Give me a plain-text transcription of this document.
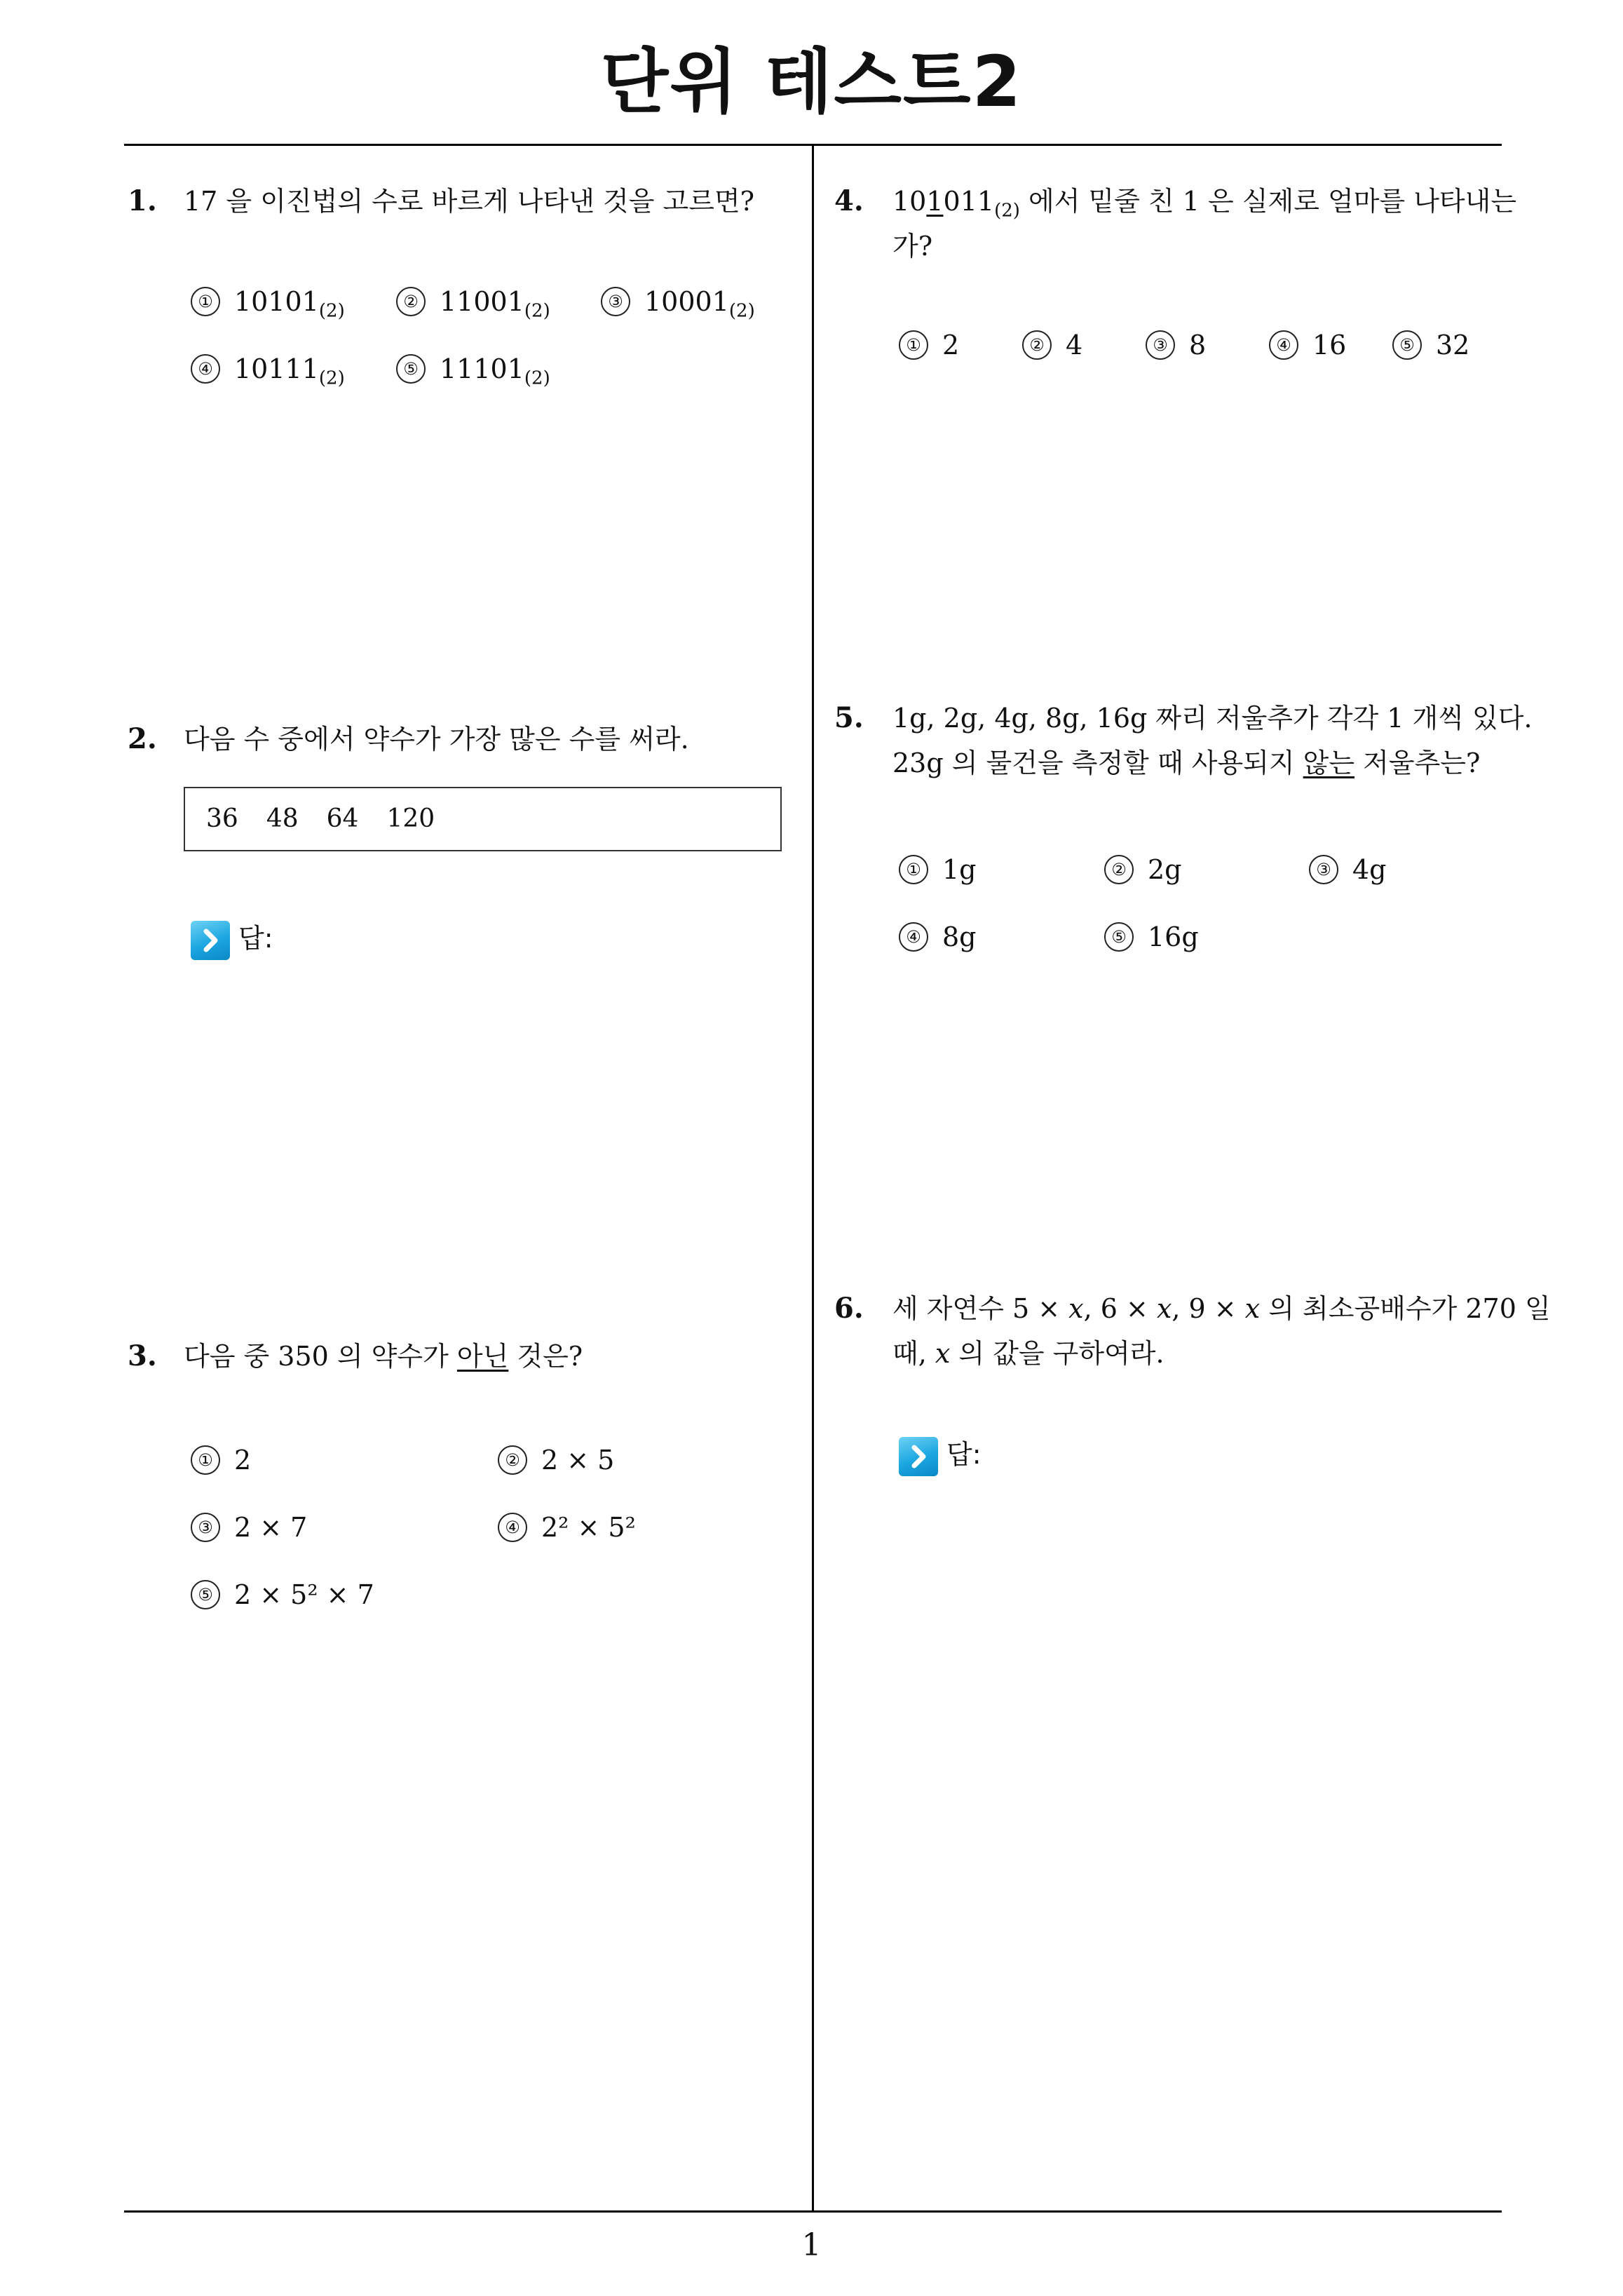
단위 테스트2
1
1. 17 을 이진법의 수로 바르게 나타낸 것을 고르면?
① $10101_{(2)}$	② $11001_{(2)}$	③ $10001_{(2)}$
④ $10111_{(2)}$	⑤ $11101_{(2)}$
2. 다음 수 중에서 약수가 가장 많은 수를 써라.
36 48 64 120
답:
3. 다음 중 350 의 약수가 아닌 것은?
① 2	② 2 × 5
③ 2 × 7	④ 2² × 5²
⑤ 2 × 5² × 7
4. $101011_{(2)}$ 에서 밑줄 친 1 은 실제로 얼마를 나타내는
가?
① 2	② 4	③ 8	④ 16	⑤ 32
5. 1g, 2g, 4g, 8g, 16g 짜리 저울추가 각각 1 개씩 있다.
23g 의 물건을 측정할 때 사용되지 않는 저울추는?
① 1g	② 2g	③ 4g
④ 8g	⑤ 16g
6. 세 자연수 5 × x, 6 × x, 9 × x 의 최소공배수가 270 일
때, x 의 값을 구하여라.
답:
